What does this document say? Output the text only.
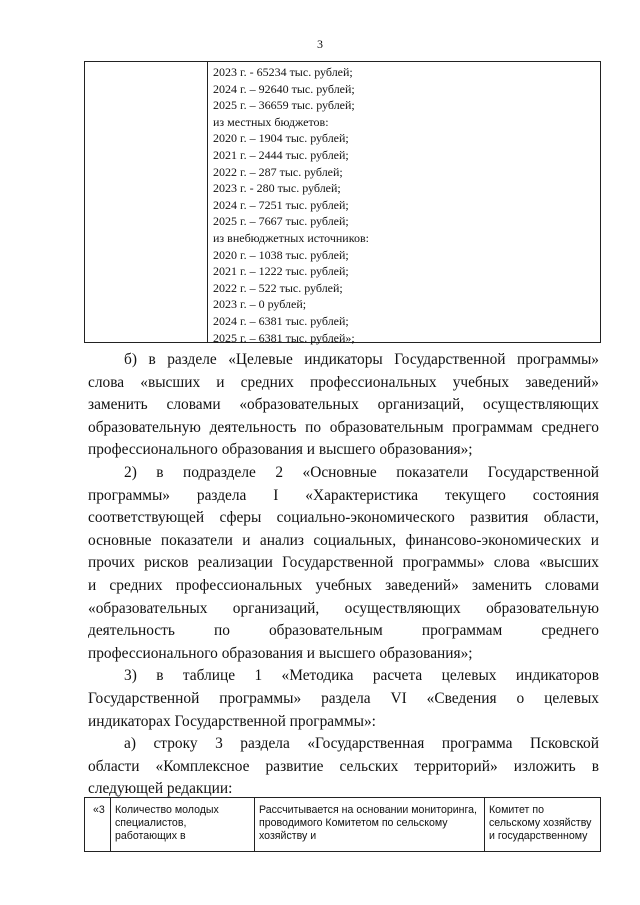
3
2023 г. - 65234 тыс. рублей;
2024 г. – 92640 тыс. рублей;
2025 г. – 36659 тыс. рублей;
из местных бюджетов:
2020 г. – 1904 тыс. рублей;
2021 г. – 2444 тыс. рублей;
2022 г. – 287 тыс. рублей;
2023 г. - 280 тыс. рублей;
2024 г. – 7251 тыс. рублей;
2025 г. – 7667 тыс. рублей;
из внебюджетных источников:
2020 г. – 1038 тыс. рублей;
2021 г. – 1222 тыс. рублей;
2022 г. – 522 тыс. рублей;
2023 г. – 0 рублей;
2024 г. – 6381 тыс. рублей;
2025 г. – 6381 тыс. рублей»;

б) в разделе «Целевые индикаторы Государственной программы»

слова «высших и средних профессиональных учебных заведений»

заменить словами «образовательных организаций, осуществляющих

образовательную деятельность по образовательным программам среднего

профессионального образования и высшего образования»;

2) в подразделе 2 «Основные показатели Государственной

программы» раздела I «Характеристика текущего состояния

соответствующей сферы социально-экономического развития области,

основные показатели и анализ социальных, финансово-экономических и

прочих рисков реализации Государственной программы» слова «высших

и средних профессиональных учебных заведений» заменить словами

«образовательных организаций, осуществляющих образовательную

деятельность по образовательным программам среднего

профессионального образования и высшего образования»;

3) в таблице 1 «Методика расчета целевых индикаторов

Государственной программы» раздела VI «Сведения о целевых

индикаторах Государственной программы»:

а) строку 3 раздела «Государственная программа Псковской

области «Комплексное развитие сельских территорий» изложить в

следующей редакции:

«3 Количество молодых специалистов, работающих в
Рассчитывается на основании мониторинга, проводимого Комитетом по сельскому хозяйству и
Комитет по сельскому хозяйству и государственному
